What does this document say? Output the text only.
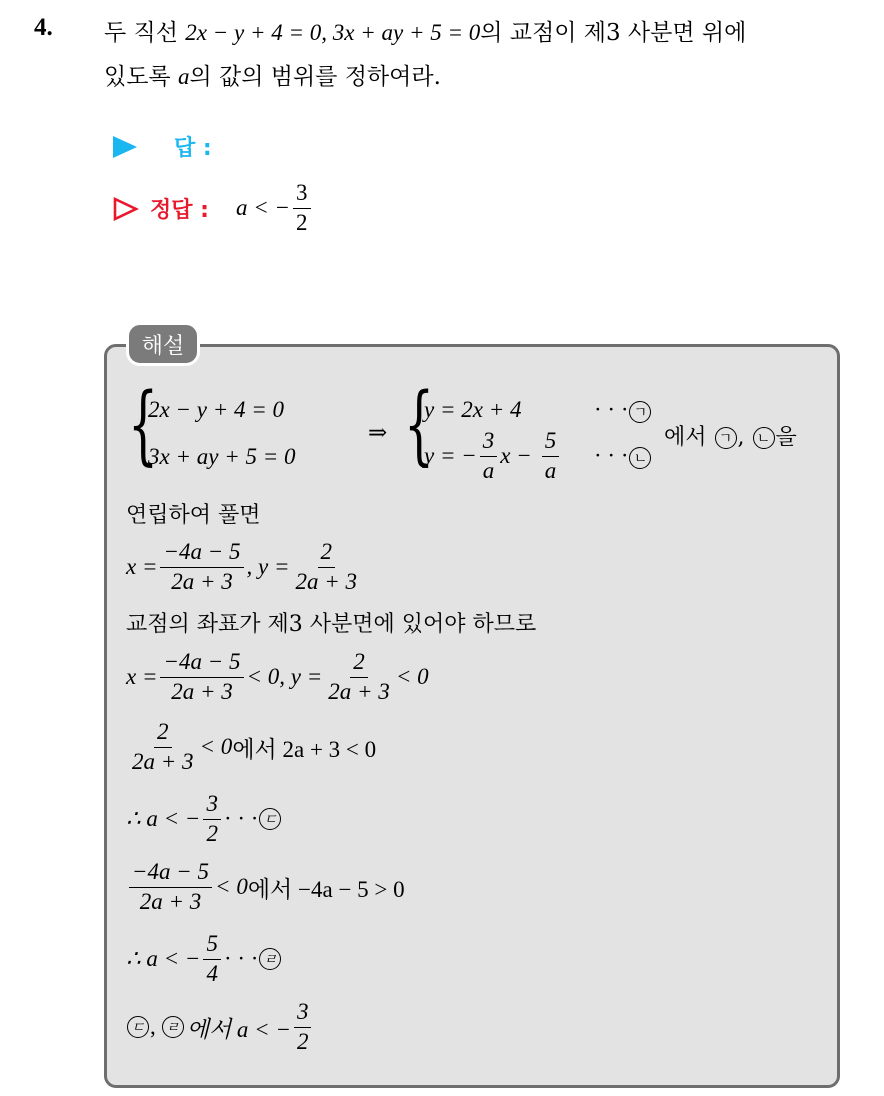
4. 두 직선 2x − y + 4 = 0, 3x + ay + 5 = 0의 교점이 제3 사분면 위에
있도록 a의 값의 범위를 정하여라.
답 :
정답 : a < − $\frac{3}{2}$
해설
{
2x − y + 4 = 0
3x + ay + 5 = 0
⇒ {
y = 2x + 4	· · · ㄱ
y = − $\frac{3}{a}$ $x - \frac{5}{a}$ · · · ㄴ
에서 ㄱ , ㄴ 을
연립하여 풀면
$x = \frac{-4a - 5}{2a + 3}$ , $y = \frac{2}{2a + 3}$
교점의 좌표가 제3 사분면에 있어야 하므로
$x = \frac{-4a - 5}{2a + 3} < 0$, $y = \frac{2}{2a + 3} < 0$
$\frac{2}{2a + 3} < 0$ 에서 2a + 3 < 0
∴ a < − $\frac{3}{2}$ · · · ㄷ
$\frac{-4a - 5}{2a + 3} < 0$ 에서 −4a − 5 > 0
∴ a < − $\frac{5}{4}$ · · · ㄹ
ㄷ , ㄹ 에서 a < − $\frac{3}{2}$
